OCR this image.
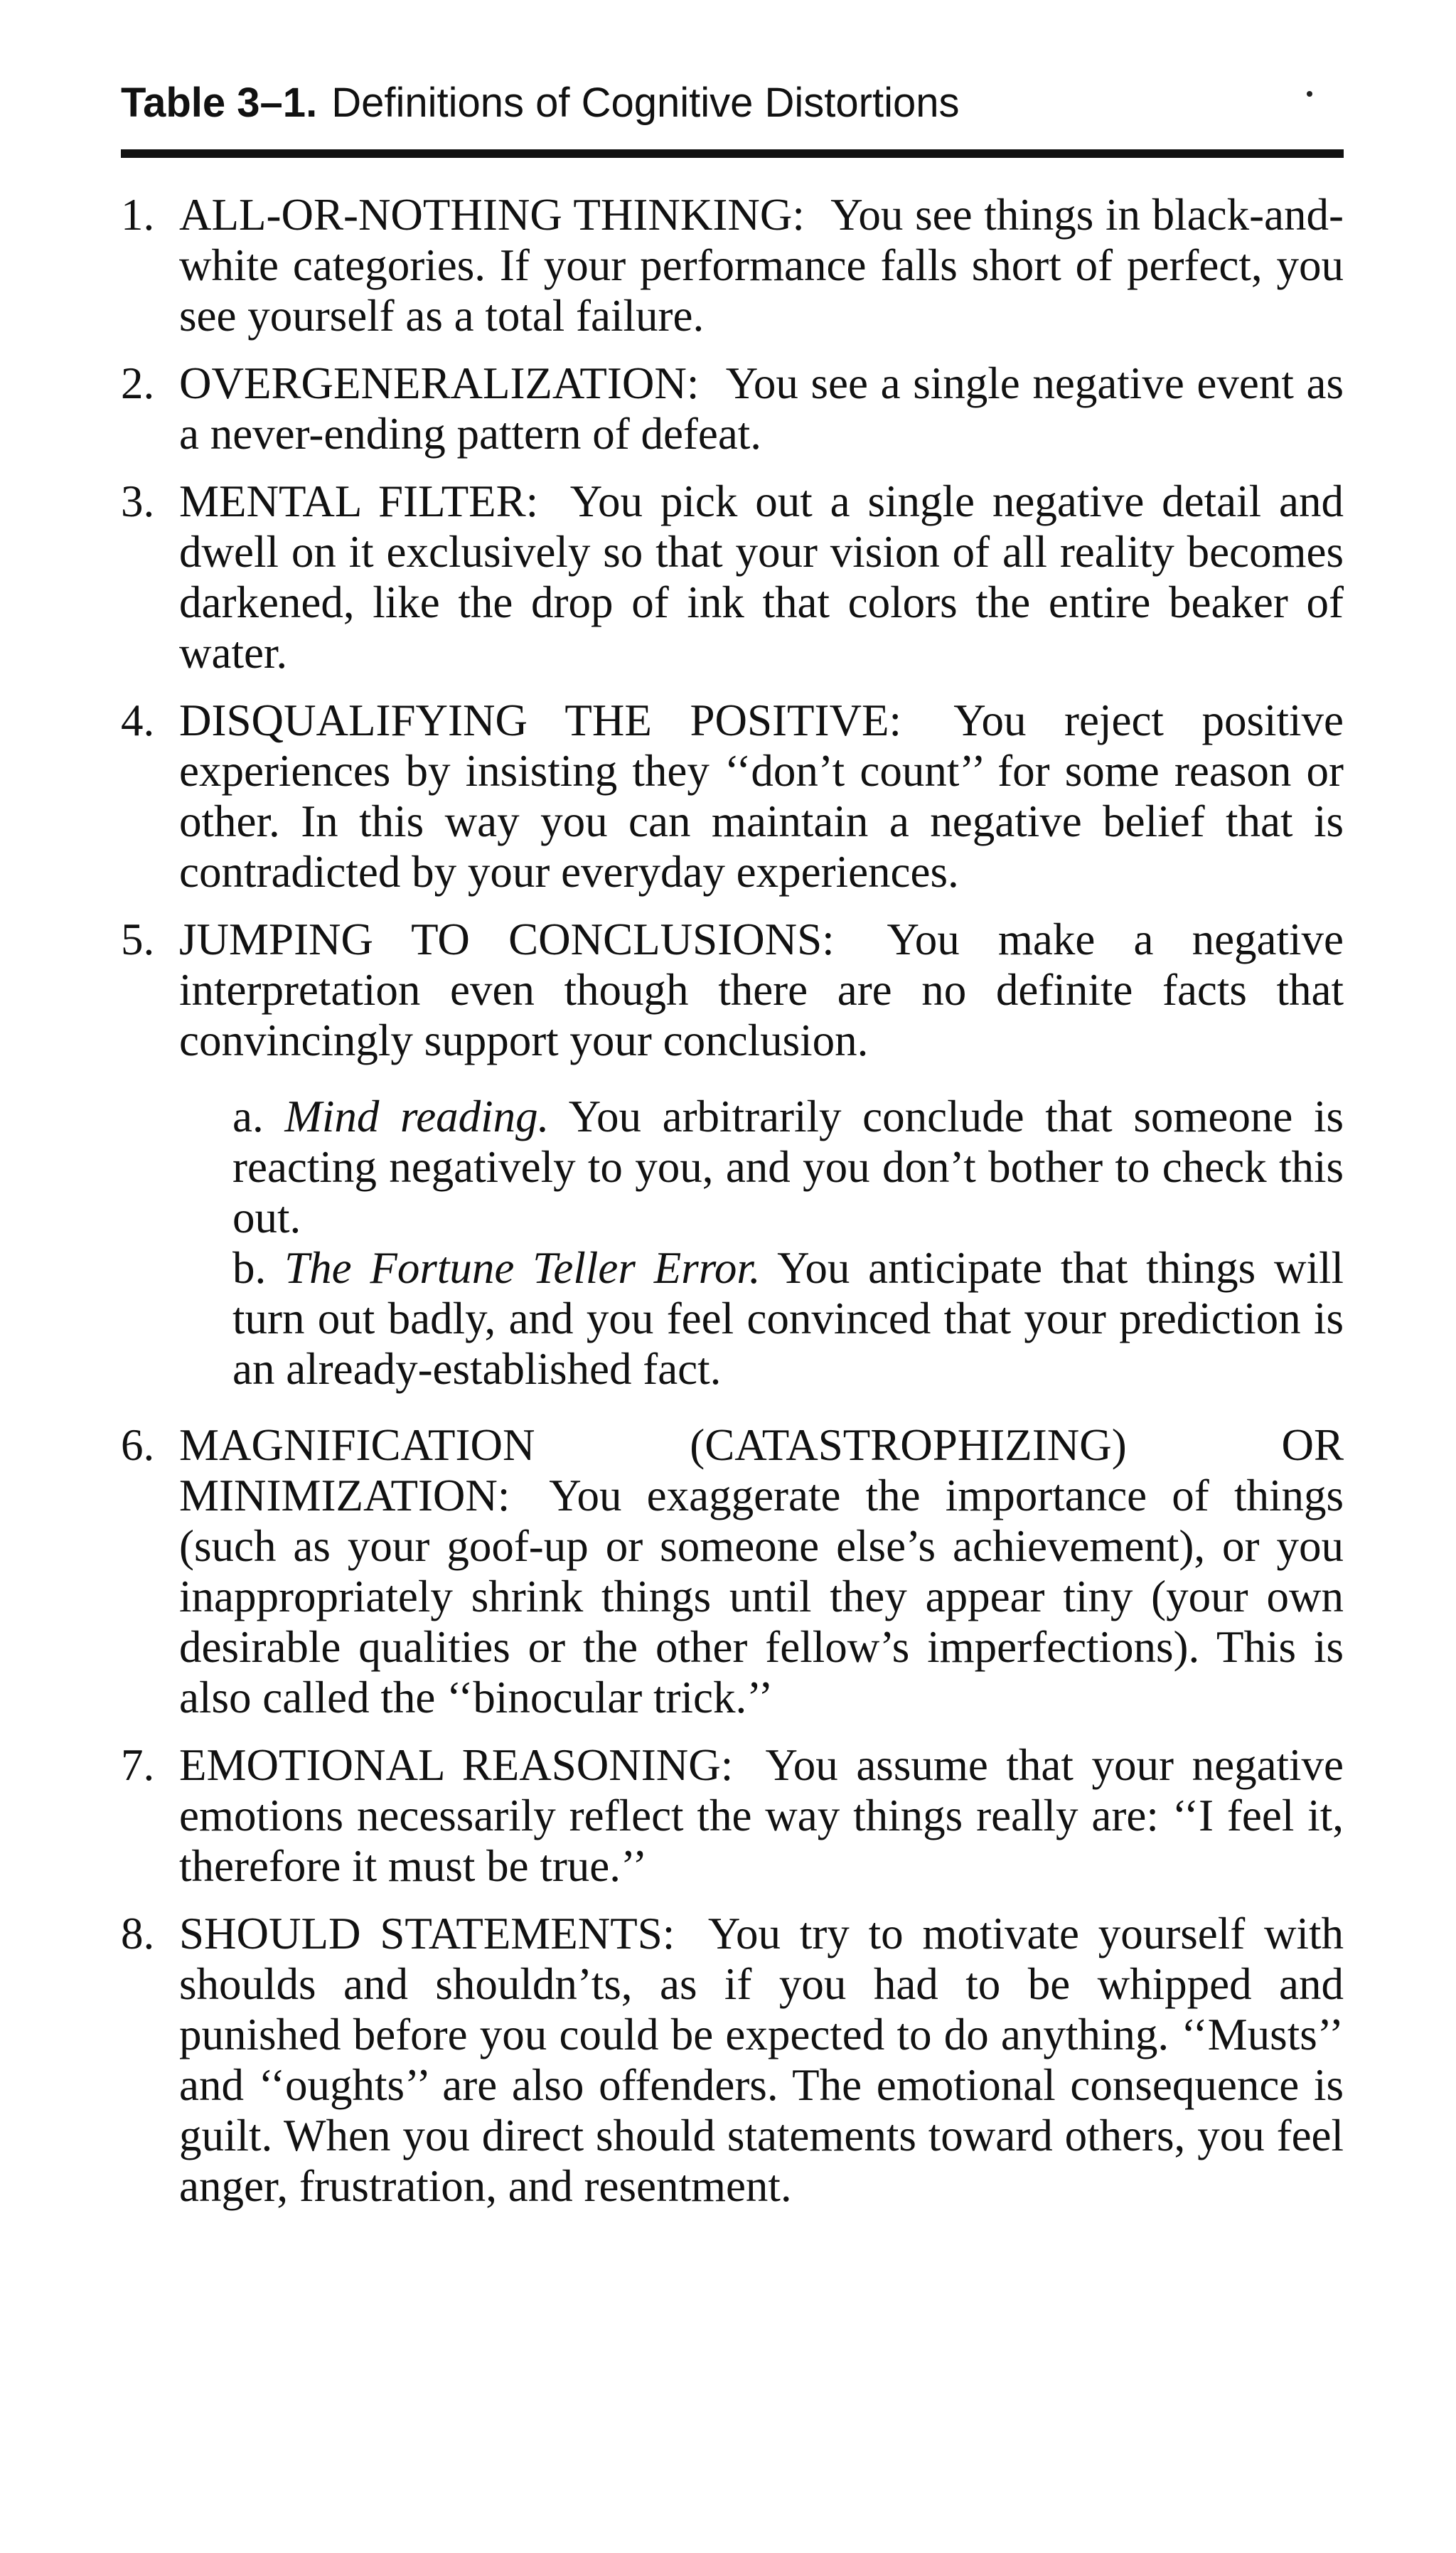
Table 3–1. Definitions of Cognitive Distortions
1. ALL-OR-NOTHING THINKING: You see things in black-and-white categories. If your performance falls short of perfect, you see yourself as a total failure.
2. OVERGENERALIZATION: You see a single negative event as a never-ending pattern of defeat.
3. MENTAL FILTER: You pick out a single negative detail and dwell on it exclusively so that your vision of all reality becomes darkened, like the drop of ink that colors the entire beaker of water.
4. DISQUALIFYING THE POSITIVE: You reject positive experiences by insisting they ‘‘don’t count’’ for some reason or other. In this way you can maintain a negative belief that is contradicted by your everyday experiences.
5. JUMPING TO CONCLUSIONS: You make a negative interpretation even though there are no definite facts that convincingly support your conclusion.
a. Mind reading. You arbitrarily conclude that someone is reacting negatively to you, and you don’t bother to check this out.
b. The Fortune Teller Error. You anticipate that things will turn out badly, and you feel convinced that your prediction is an already-established fact.
6. MAGNIFICATION (CATASTROPHIZING) OR MINIMIZATION: You exaggerate the importance of things (such as your goof-up or someone else’s achievement), or you inappropriately shrink things until they appear tiny (your own desirable qualities or the other fellow’s imperfections). This is also called the ‘‘binocular trick.’’
7. EMOTIONAL REASONING: You assume that your negative emotions necessarily reflect the way things really are: ‘‘I feel it, therefore it must be true.’’
8. SHOULD STATEMENTS: You try to motivate yourself with shoulds and shouldn’ts, as if you had to be whipped and punished before you could be expected to do anything. ‘‘Musts’’ and ‘‘oughts’’ are also offenders. The emotional consequence is guilt. When you direct should statements toward others, you feel anger, frustration, and resentment.
